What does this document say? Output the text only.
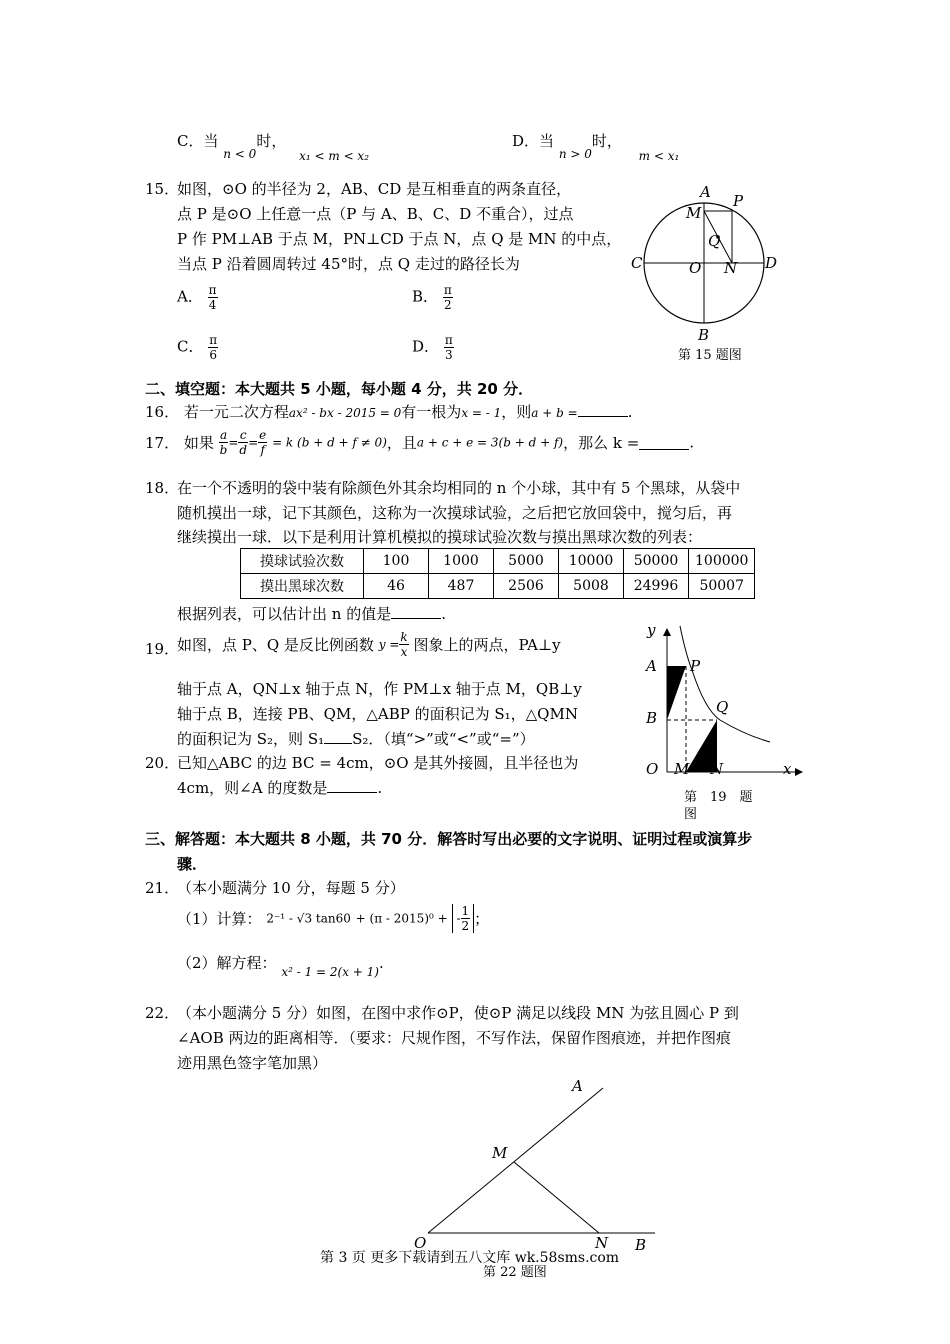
C．当 $_{n < 0}$时， $_{x_1 < m < x_2}$
D．当 $_{n > 0}$时， $_{m < x_1}$
15．
如图，⊙O 的半径为 2，AB、CD 是互相垂直的两条直径，
点 P 是⊙O 上任意一点（P 与 A、B、C、D 不重合），过点
P 作 PM⊥AB 于点 M，PN⊥CD 于点 N，点 Q 是 MN 的中点，
当点 P 沿着圆周转过 45°时，点 Q 走过的路径长为
A． $\frac{\pi}{4}$	B． $\frac{\pi}{2}$
C． $\frac{\pi}{6}$	D． $\frac{\pi}{3}$
A P
M
Q
C	O N D
B
第 15 题图
二、填空题：本大题共 5 小题，每小题 4 分，共 20 分．
16． 若一元二次方程ax² - bx - 2015 = 0有一根为x = - 1，则a + b =	.
17． 如果 $\frac{a}{b} = \frac{c}{d} = \frac{e}{f} = k$ (b + d + f ≠ 0)，且a + c + e = 3(b + d + f)，那么 k =	.
18．
在一个不透明的袋中装有除颜色外其余均相同的 n 个小球，其中有 5 个黑球，从袋中
随机摸出一球，记下其颜色，这称为一次摸球试验，之后把它放回袋中，搅匀后，再
继续摸出一球．以下是利用计算机模拟的摸球试验次数与摸出黑球次数的列表：
摸球试验次数	100	1000	5000	10000	50000	100000
摸出黑球次数	46	487	2506	5008	24996	50007
根据列表，可以估计出 n 的值是	.
19．
如图，点 P、Q 是反比例函数 $y = \frac{k}{x}$ 图象上的两点，PA⊥y
轴于点 A，QN⊥x 轴于点 N，作 PM⊥x 轴于点 M，QB⊥y
轴于点 B，连接 PB、QM，△ABP 的面积记为 S₁，△QMN
的面积记为 S₂，则 S₁ S₂．（填“>”或“<”或“=”）
20．
已知△ABC 的边 BC = 4cm，⊙O 是其外接圆，且半径也为
4cm，则∠A 的度数是	.
y
A P
B
Q
O M N	x
第　19　题
图
三、解答题：本大题共 8 小题，共 70 分．解答时写出必要的文字说明、证明过程或演算步
骤．
21．
（本小题满分 10 分，每题 5 分）
（1）计算： 2⁻¹ - √3 tan60 + (π - 2015)⁰ + - $\frac{1}{2}$ ；
（2）解方程： $_{x^2 - 1 = 2(x + 1)}$.
22．
（本小题满分 5 分）如图，在图中求作⊙P，使⊙P 满足以线段 MN 为弦且圆心 P 到
∠AOB 两边的距离相等．（要求：尺规作图，不写作法，保留作图痕迹，并把作图痕
迹用黑色签字笔加黑）
A
M
O	N B
第 22 题图
第 3 页 更多下载请到五八文库 wk.58sms.com
